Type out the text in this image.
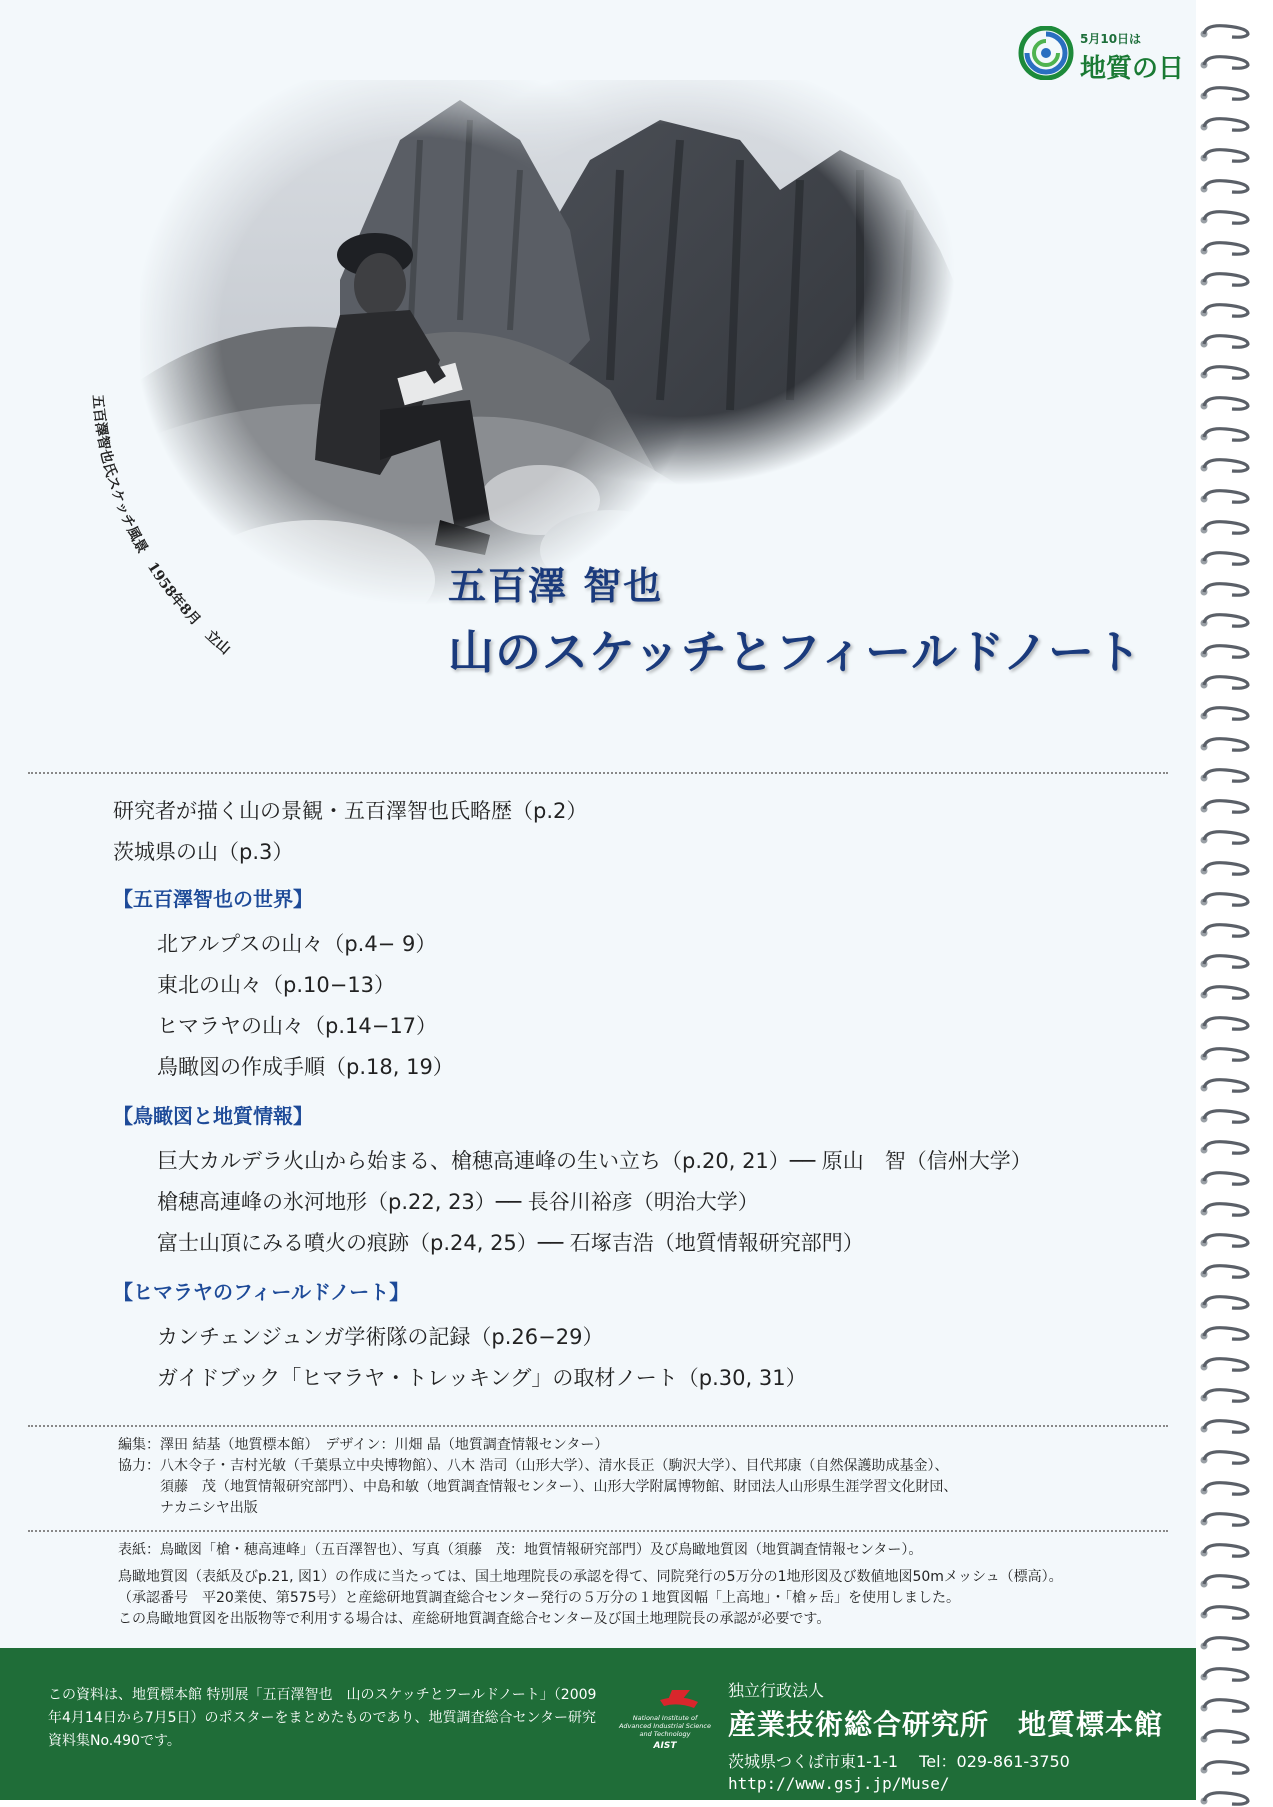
5月10日は
地質の日
五百澤智也氏スケッチ風景　1958年8月　立山
五百澤 智也
山のスケッチとフィールドノート
研究者が描く山の景観・五百澤智也氏略歴（p.2）
茨城県の山（p.3）
【五百澤智也の世界】
北アルプスの山々（p.4− 9）
東北の山々（p.10−13）
ヒマラヤの山々（p.14−17）
鳥瞰図の作成手順（p.18, 19）
【鳥瞰図と地質情報】
巨大カルデラ火山から始まる、槍穂高連峰の生い立ち（p.20, 21）── 原山　智（信州大学）
槍穂高連峰の氷河地形（p.22, 23）── 長谷川裕彦（明治大学）
富士山頂にみる噴火の痕跡（p.24, 25）── 石塚吉浩（地質情報研究部門）
【ヒマラヤのフィールドノート】
カンチェンジュンガ学術隊の記録（p.26−29）
ガイドブック「ヒマラヤ・トレッキング」の取材ノート（p.30, 31）
編集：澤田 結基（地質標本館）　デザイン：川畑 晶（地質調査情報センター）
協力：八木令子・吉村光敏（千葉県立中央博物館）、八木 浩司（山形大学）、清水長正（駒沢大学）、目代邦康（自然保護助成基金）、
　　　須藤　茂（地質情報研究部門）、中島和敏（地質調査情報センター）、山形大学附属博物館、財団法人山形県生涯学習文化財団、
　　　ナカニシヤ出版
表紙：鳥瞰図「槍・穂高連峰」（五百澤智也）、写真（須藤　茂：地質情報研究部門）及び鳥瞰地質図（地質調査情報センター）。
鳥瞰地質図（表紙及びp.21, 図1）の作成に当たっては、国土地理院長の承認を得て、同院発行の5万分の1地形図及び数値地図50mメッシュ（標高）。
（承認番号　平20業使、第575号）と産総研地質調査総合センター発行の５万分の１地質図幅「上高地」・「槍ヶ岳」を使用しました。
この鳥瞰地質図を出版物等で利用する場合は、産総研地質調査総合センター及び国土地理院長の承認が必要です。
この資料は、地質標本館 特別展「五百澤智也　山のスケッチとフールドノート」（2009年4月14日から7月5日）のポスターをまとめたものであり、地質調査総合センター研究資料集No.490です。
National Institute of
Advanced Industrial Science
and Technology
AIST
独立行政法人
産業技術総合研究所　地質標本館
茨城県つくば市東1-1-1　 Tel：029-861-3750
http://www.gsj.jp/Muse/
